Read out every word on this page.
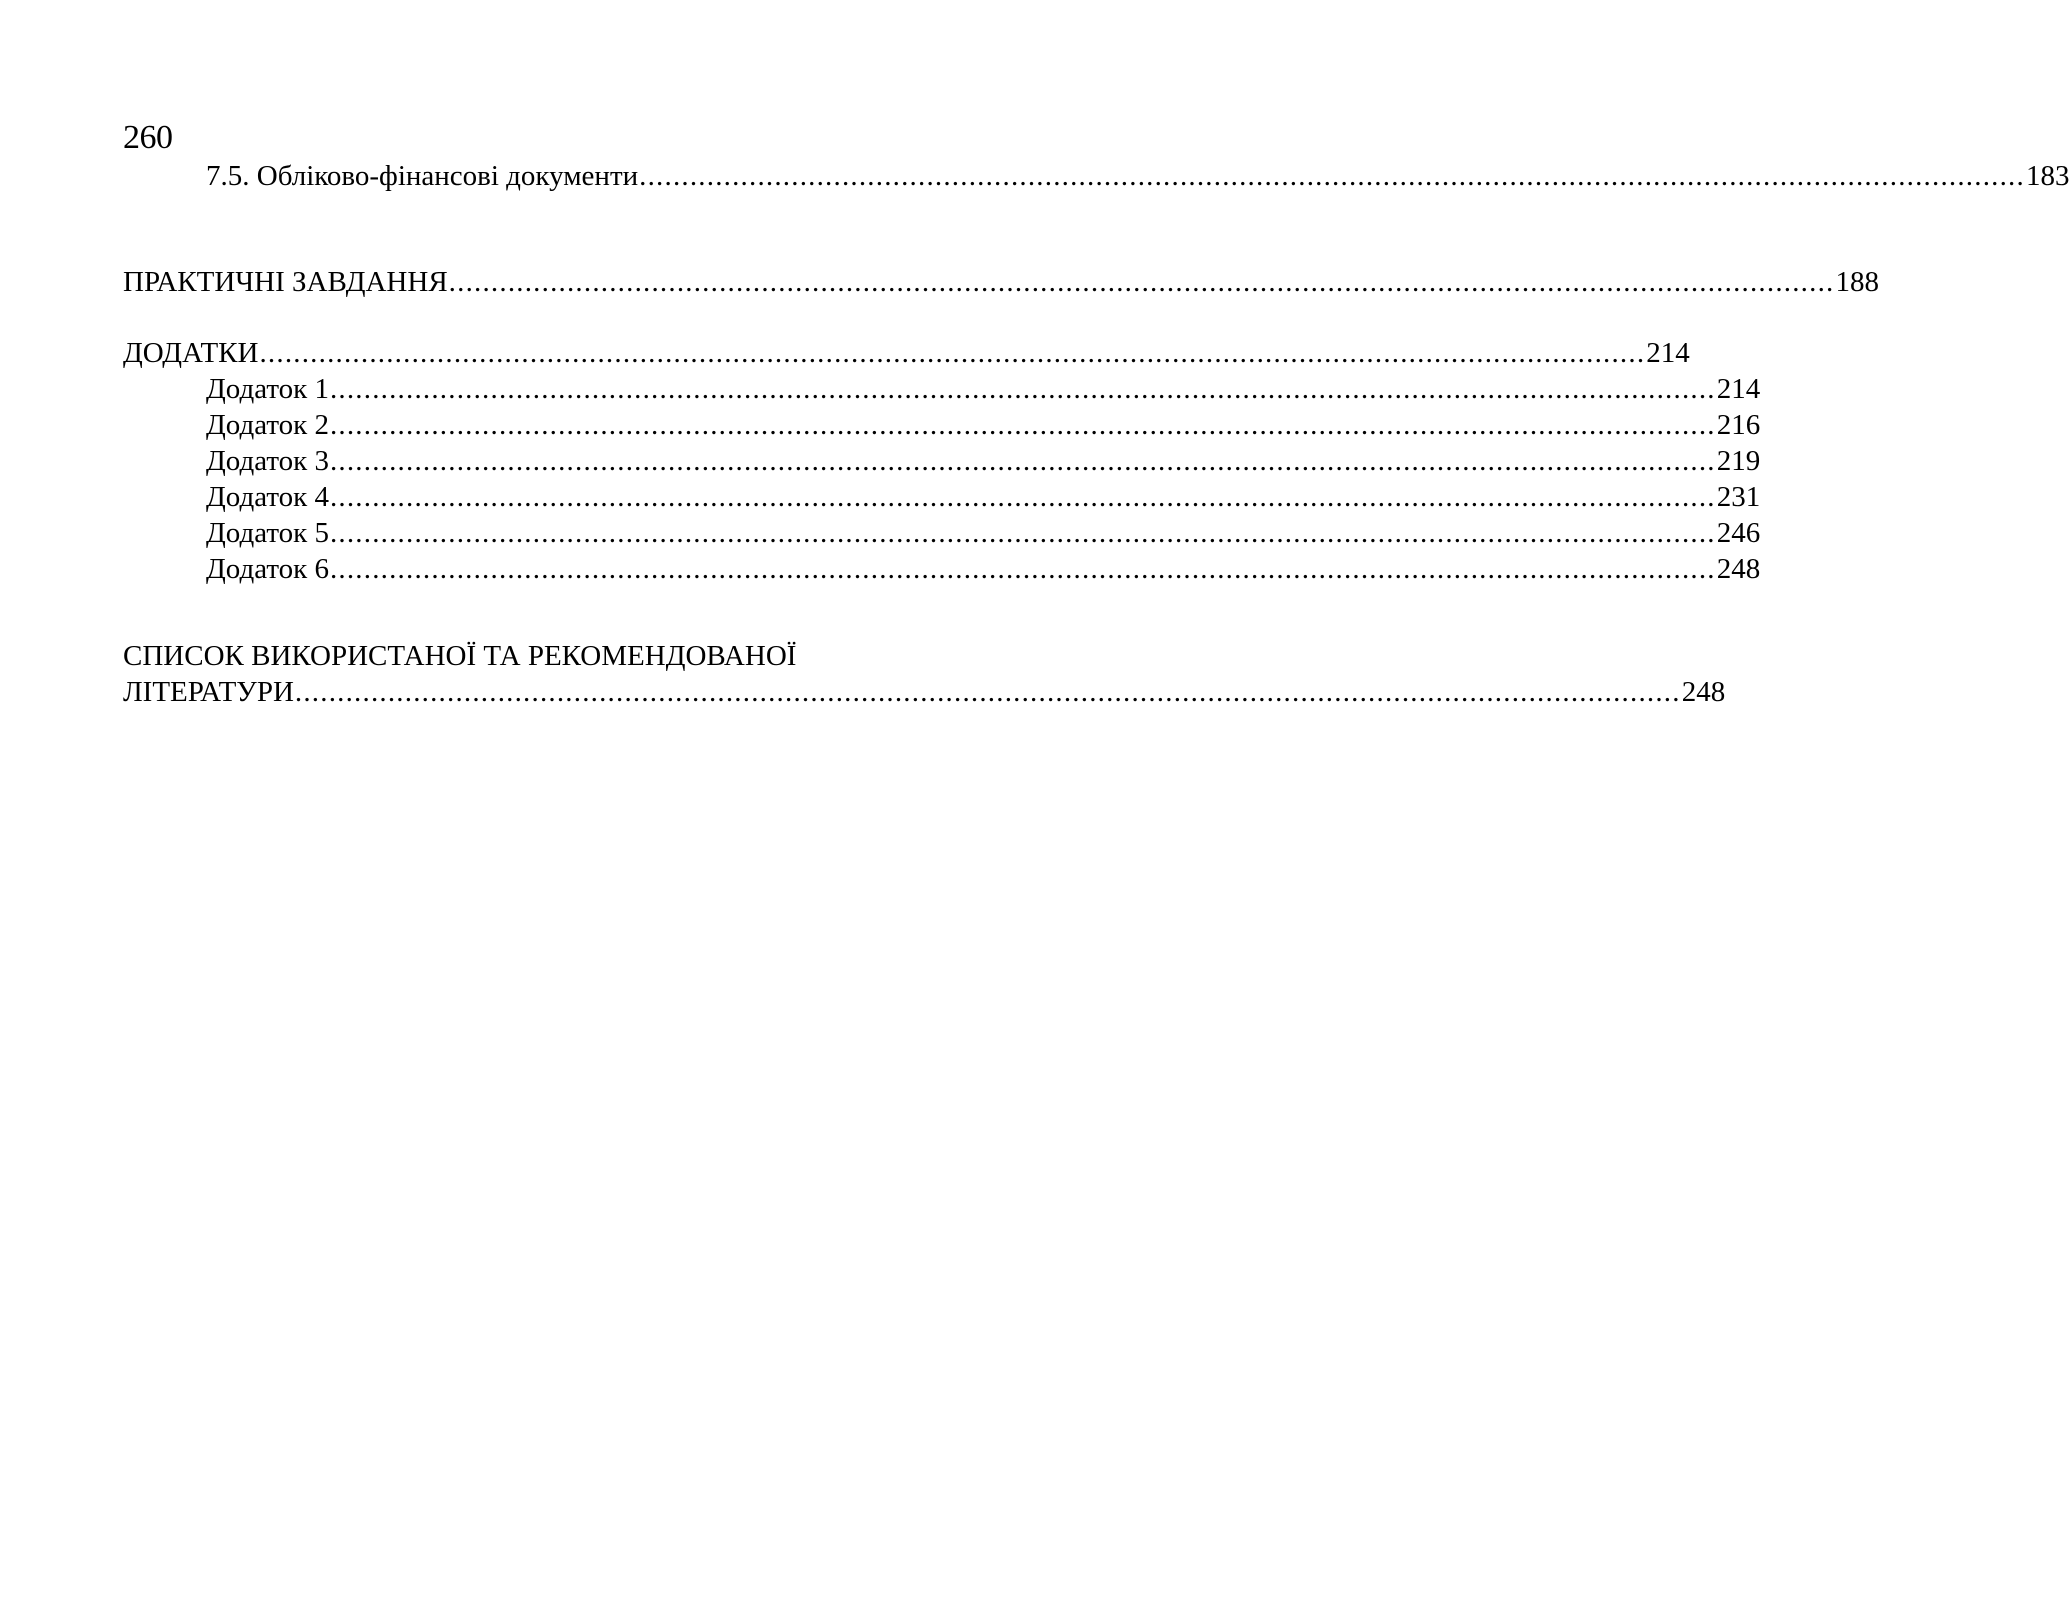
260
7.5. Обліково-фінансові документи .................................................................................................................................................................... 183
ПРАКТИЧНІ ЗАВДАННЯ .................................................................................................................................................................... 188
ДОДАТКИ .................................................................................................................................................................... 214
Додаток 1 .................................................................................................................................................................... 214
Додаток 2 .................................................................................................................................................................... 216
Додаток 3 .................................................................................................................................................................... 219
Додаток 4 .................................................................................................................................................................... 231
Додаток 5 .................................................................................................................................................................... 246
Додаток 6 .................................................................................................................................................................... 248
СПИСОК ВИКОРИСТАНОЇ ТА РЕКОМЕНДОВАНОЇ
ЛІТЕРАТУРИ .................................................................................................................................................................... 248
